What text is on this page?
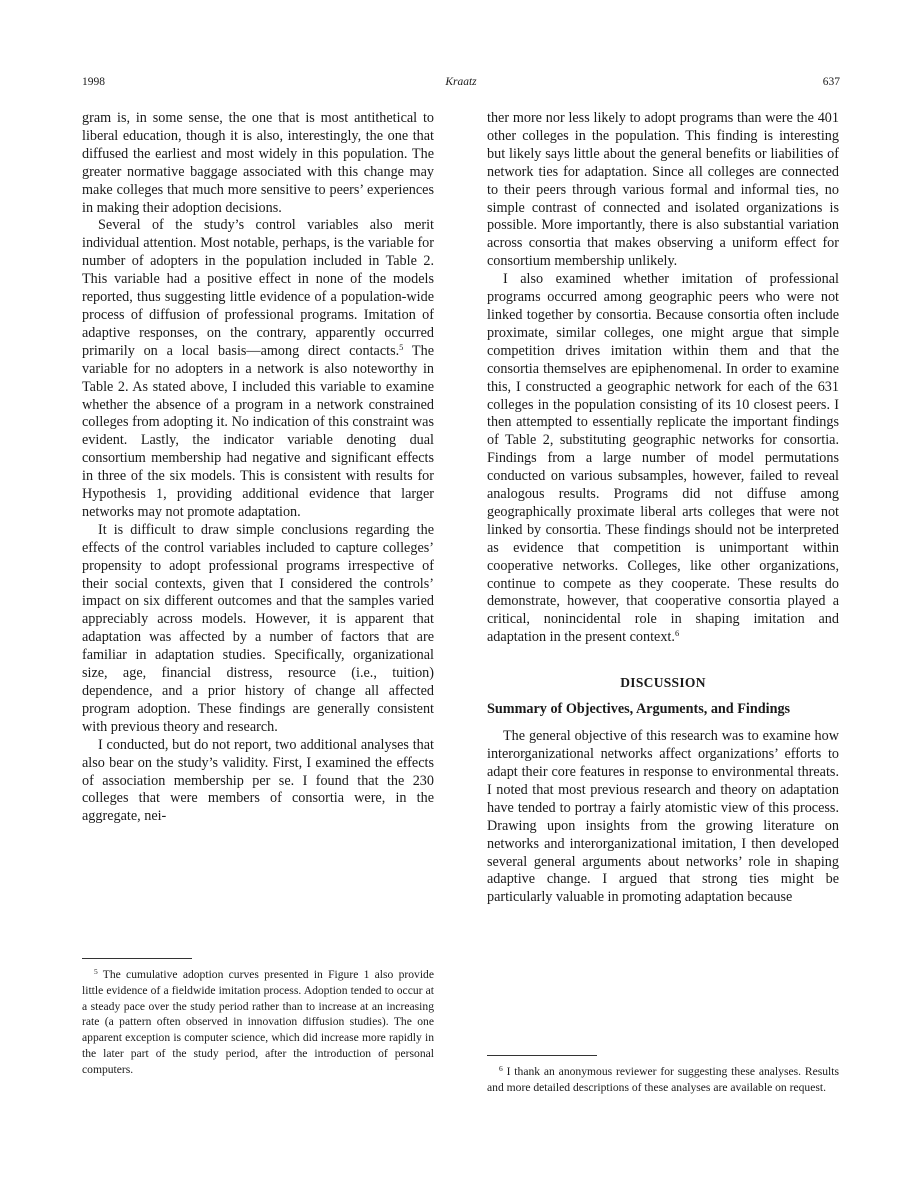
1998	Kraatz	637

gram is, in some sense, the one that is most antithetical to liberal education, though it is also, interestingly, the one that diffused the earliest and most widely in this population. The greater normative baggage associated with this change may make colleges that much more sensitive to peers’ experiences in making their adoption decisions.

Several of the study’s control variables also merit individual attention. Most notable, perhaps, is the variable for number of adopters in the population included in Table 2. This variable had a positive effect in none of the models reported, thus suggesting little evidence of a population-wide process of diffusion of professional programs. Imitation of adaptive responses, on the contrary, apparently occurred primarily on a local basis—among direct contacts.$^5$ The variable for no adopters in a network is also noteworthy in Table 2. As stated above, I included this variable to examine whether the absence of a program in a network constrained colleges from adopting it. No indication of this constraint was evident. Lastly, the indicator variable denoting dual consortium membership had negative and significant effects in three of the six models. This is consistent with results for Hypothesis 1, providing additional evidence that larger networks may not promote adaptation.

It is difficult to draw simple conclusions regarding the effects of the control variables included to capture colleges’ propensity to adopt professional programs irrespective of their social contexts, given that I considered the controls’ impact on six different outcomes and that the samples varied appreciably across models. However, it is apparent that adaptation was affected by a number of factors that are familiar in adaptation studies. Specifically, organizational size, age, financial distress, resource (i.e., tuition) dependence, and a prior history of change all affected program adoption. These findings are generally consistent with previous theory and research.

I conducted, but do not report, two additional analyses that also bear on the study’s validity. First, I examined the effects of association membership per se. I found that the 230 colleges that were members of consortia were, in the aggregate, nei-

$^5$ The cumulative adoption curves presented in Figure 1 also provide little evidence of a fieldwide imitation process. Adoption tended to occur at a steady pace over the study period rather than to increase at an increasing rate (a pattern often observed in innovation diffusion studies). The one apparent exception is computer science, which did increase more rapidly in the later part of the study period, after the introduction of personal computers.

ther more nor less likely to adopt programs than were the 401 other colleges in the population. This finding is interesting but likely says little about the general benefits or liabilities of network ties for adaptation. Since all colleges are connected to their peers through various formal and informal ties, no simple contrast of connected and isolated organizations is possible. More importantly, there is also substantial variation across consortia that makes observing a uniform effect for consortium membership unlikely.

I also examined whether imitation of professional programs occurred among geographic peers who were not linked together by consortia. Because consortia often include proximate, similar colleges, one might argue that simple competition drives imitation within them and that the consortia themselves are epiphenomenal. In order to examine this, I constructed a geographic network for each of the 631 colleges in the population consisting of its 10 closest peers. I then attempted to essentially replicate the important findings of Table 2, substituting geographic networks for consortia. Findings from a large number of model permutations conducted on various subsamples, however, failed to reveal analogous results. Programs did not diffuse among geographically proximate liberal arts colleges that were not linked by consortia. These findings should not be interpreted as evidence that competition is unimportant within cooperative networks. Colleges, like other organizations, continue to compete as they cooperate. These results do demonstrate, however, that cooperative consortia played a critical, nonincidental role in shaping imitation and adaptation in the present context.$^6$

DISCUSSION
Summary of Objectives, Arguments, and Findings

The general objective of this research was to examine how interorganizational networks affect organizations’ efforts to adapt their core features in response to environmental threats. I noted that most previous research and theory on adaptation have tended to portray a fairly atomistic view of this process. Drawing upon insights from the growing literature on networks and interorganizational imitation, I then developed several general arguments about networks’ role in shaping adaptive change. I argued that strong ties might be particularly valuable in promoting adaptation because

$^6$ I thank an anonymous reviewer for suggesting these analyses. Results and more detailed descriptions of these analyses are available on request.
